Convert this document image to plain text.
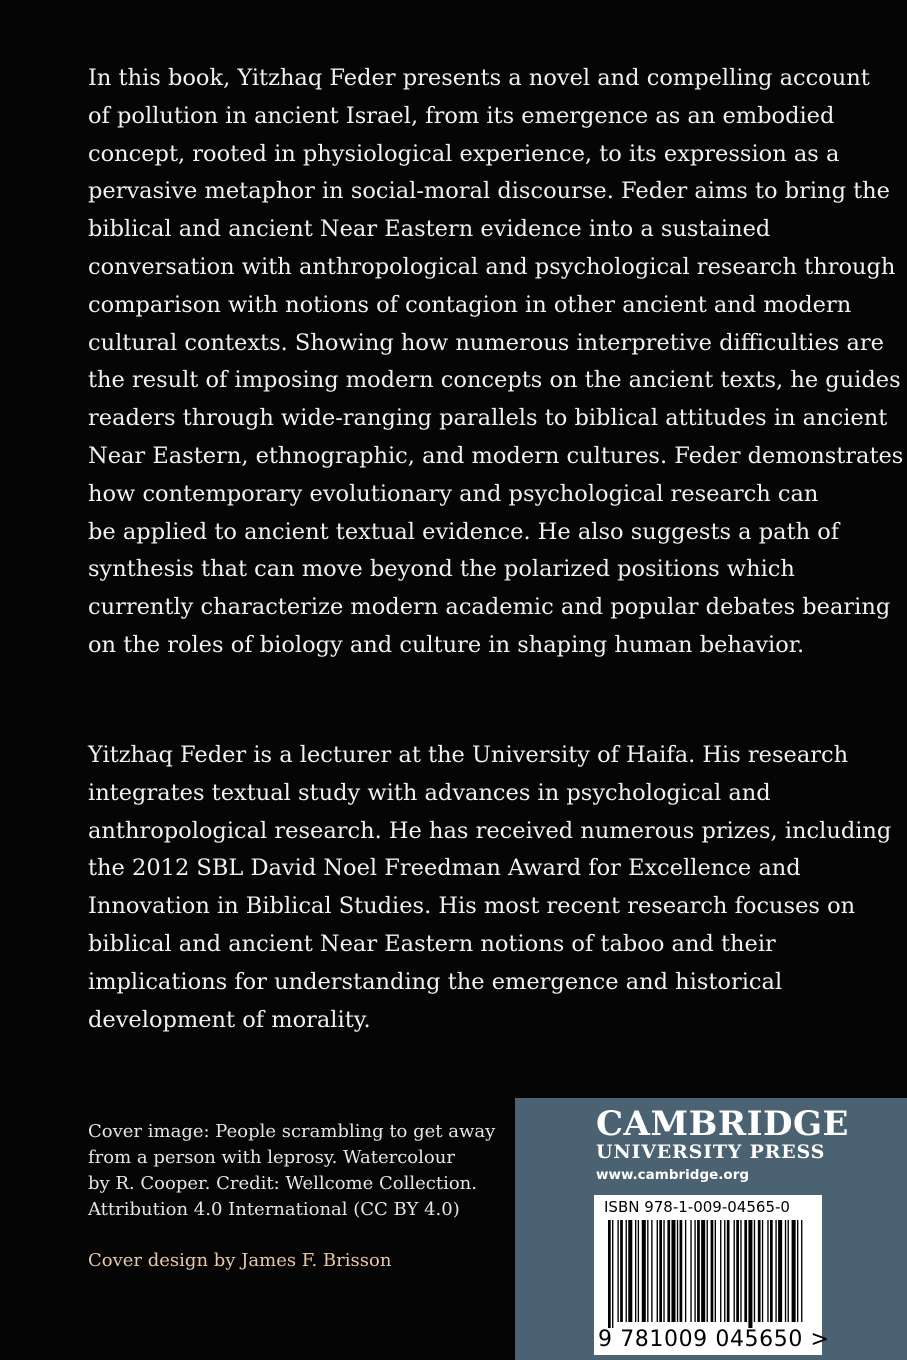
In this book, Yitzhaq Feder presents a novel and compelling account
of pollution in ancient Israel, from its emergence as an embodied
concept, rooted in physiological experience, to its expression as a
pervasive metaphor in social-moral discourse. Feder aims to bring the
biblical and ancient Near Eastern evidence into a sustained
conversation with anthropological and psychological research through
comparison with notions of contagion in other ancient and modern
cultural contexts. Showing how numerous interpretive difficulties are
the result of imposing modern concepts on the ancient texts, he guides
readers through wide-ranging parallels to biblical attitudes in ancient
Near Eastern, ethnographic, and modern cultures. Feder demonstrates
how contemporary evolutionary and psychological research can
be applied to ancient textual evidence. He also suggests a path of
synthesis that can move beyond the polarized positions which
currently characterize modern academic and popular debates bearing
on the roles of biology and culture in shaping human behavior.

Yitzhaq Feder is a lecturer at the University of Haifa. His research
integrates textual study with advances in psychological and
anthropological research. He has received numerous prizes, including
the 2012 SBL David Noel Freedman Award for Excellence and
Innovation in Biblical Studies. His most recent research focuses on
biblical and ancient Near Eastern notions of taboo and their
implications for understanding the emergence and historical
development of morality.

Cover image: People scrambling to get away
from a person with leprosy. Watercolour
by R. Cooper. Credit: Wellcome Collection.
Attribution 4.0 International (CC BY 4.0)

Cover design by James F. Brisson

CAMBRIDGE

UNIVERSITY PRESS

www.cambridge.org

ISBN 978-1-009-04565-0

9 781009 045650 >
